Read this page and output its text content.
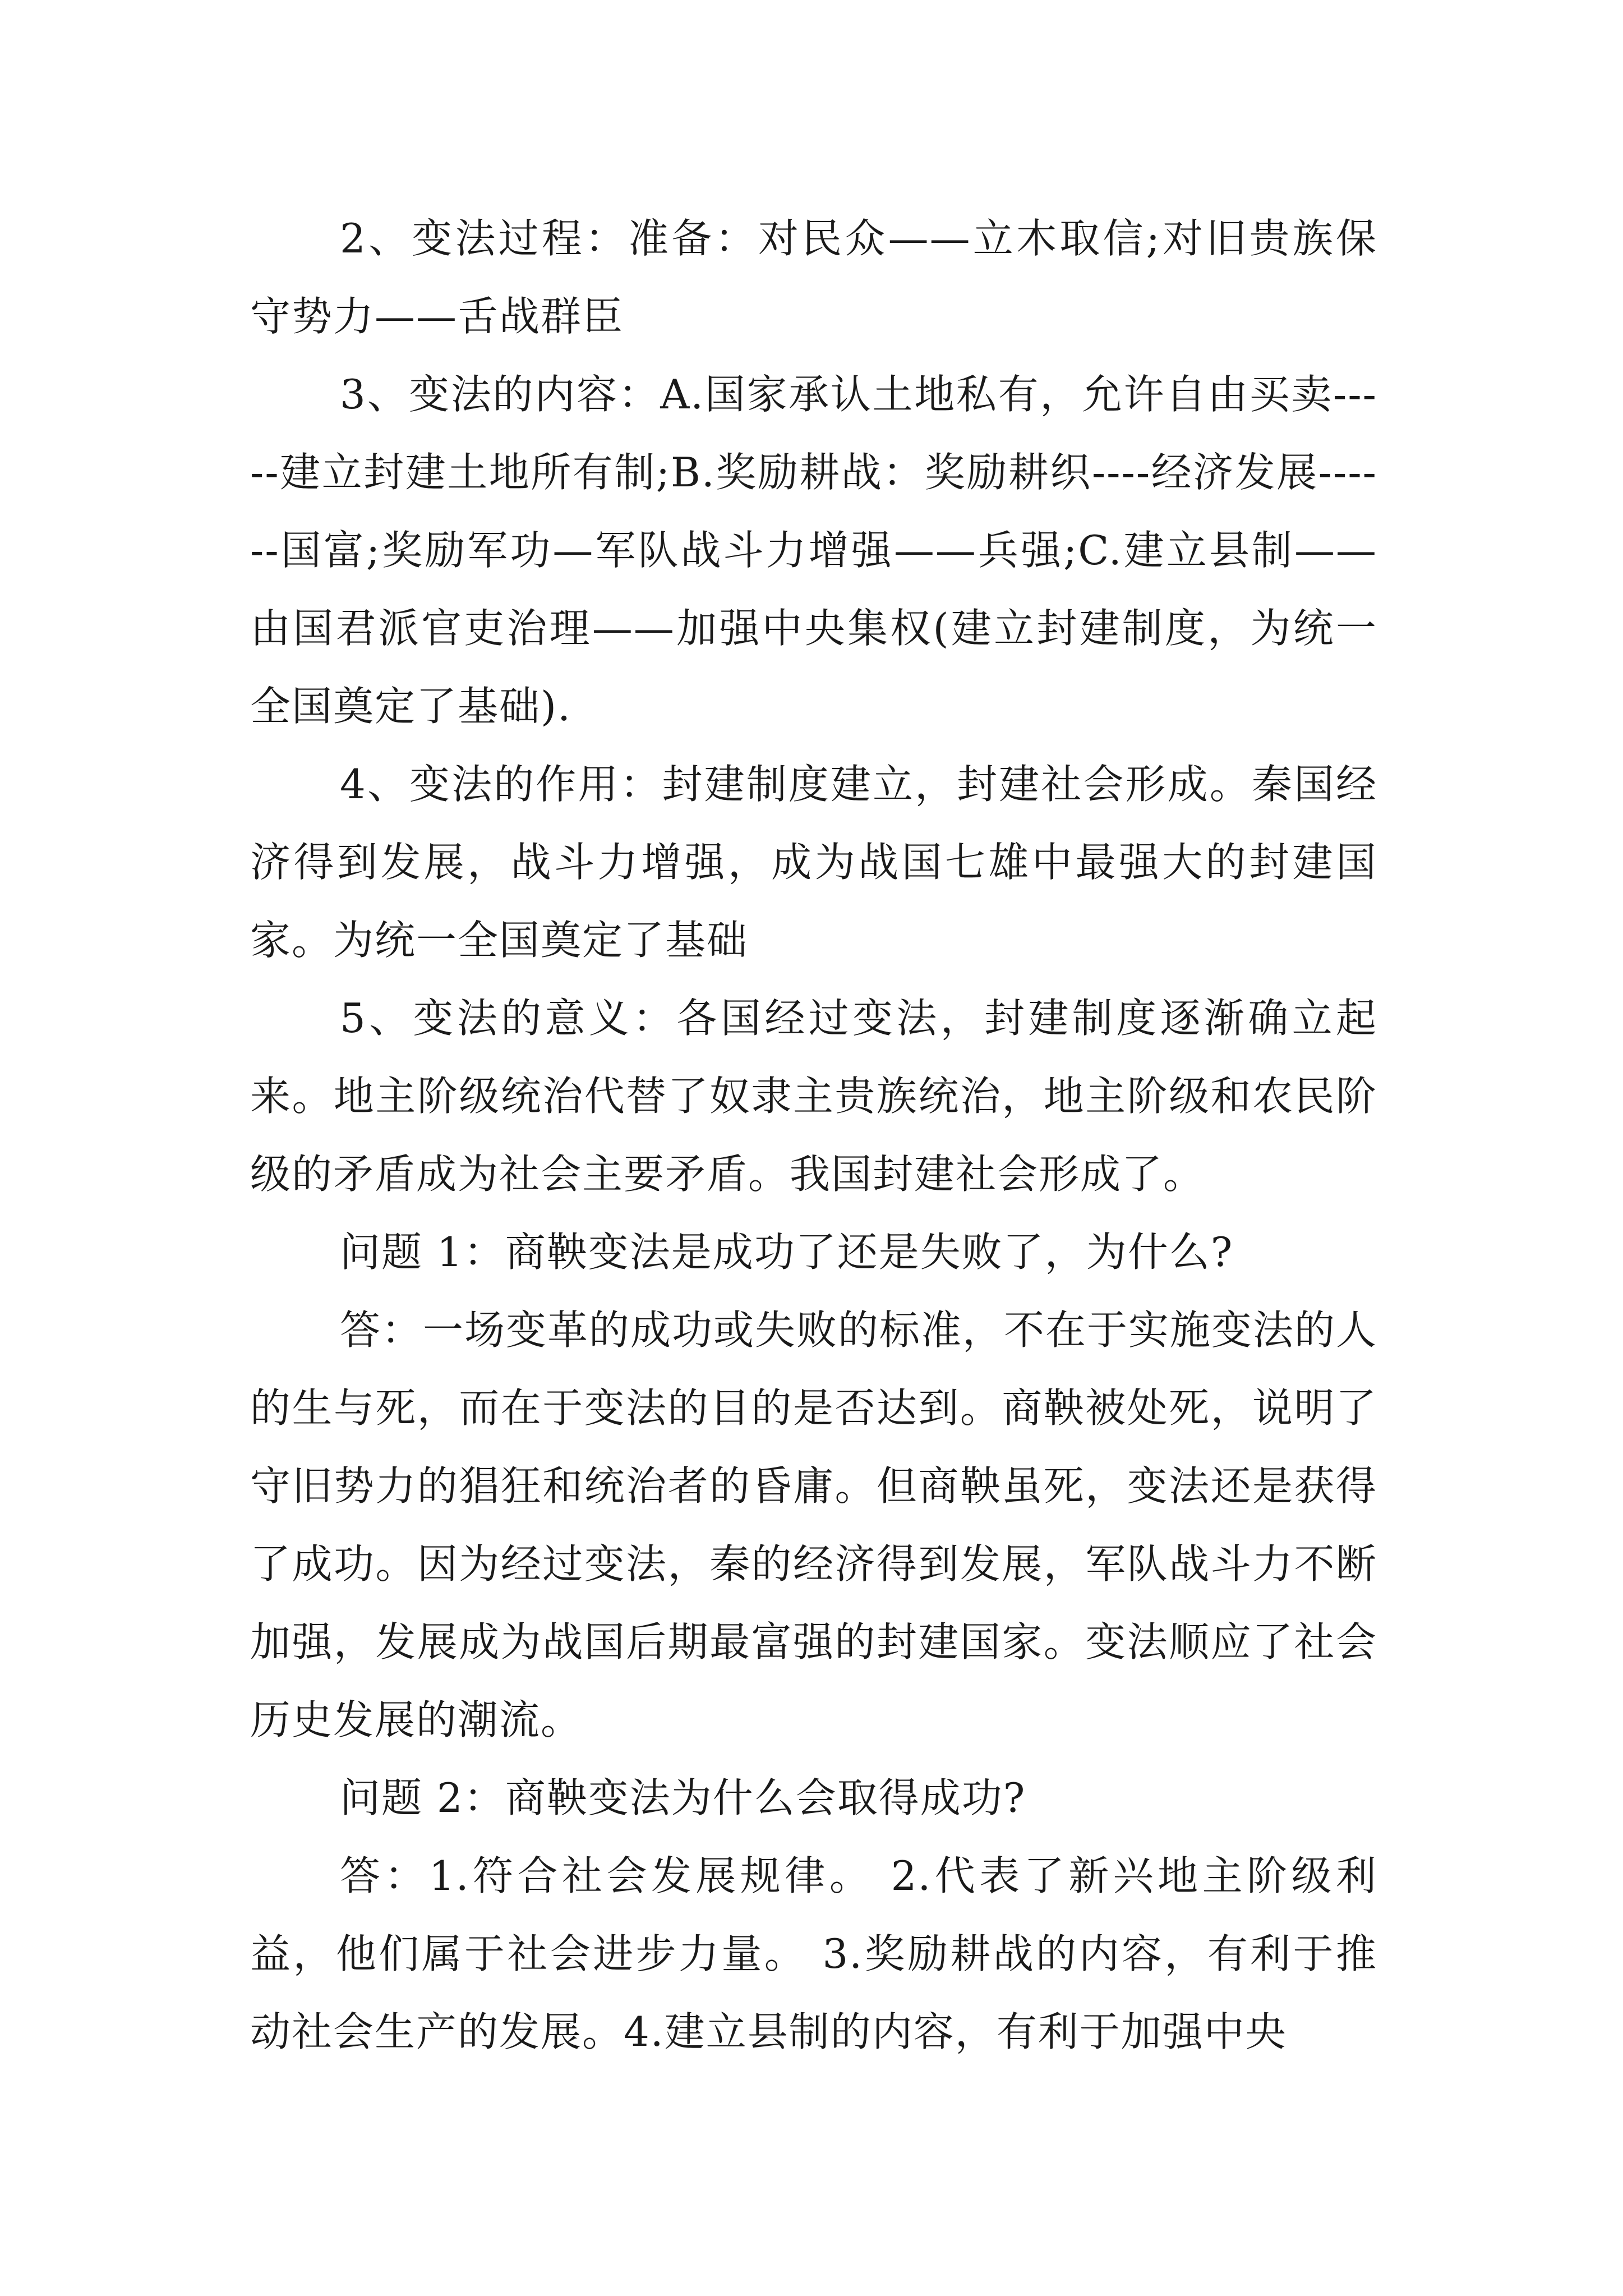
2、变法过程：准备：对民众——立木取信;对旧贵族保守势力——舌战群臣

3、变法的内容：A.国家承认土地私有，允许自由买卖-----建立封建土地所有制;B.奖励耕战：奖励耕织----经济发展------国富;奖励军功—军队战斗力增强——兵强;C.建立县制——由国君派官吏治理——加强中央集权(建立封建制度，为统一全国奠定了基础).

4、变法的作用：封建制度建立，封建社会形成。秦国经济得到发展，战斗力增强，成为战国七雄中最强大的封建国家。为统一全国奠定了基础

5、变法的意义：各国经过变法，封建制度逐渐确立起来。地主阶级统治代替了奴隶主贵族统治，地主阶级和农民阶级的矛盾成为社会主要矛盾。我国封建社会形成了。

问题 1：商鞅变法是成功了还是失败了，为什么?

答：一场变革的成功或失败的标准，不在于实施变法的人的生与死，而在于变法的目的是否达到。商鞅被处死，说明了守旧势力的猖狂和统治者的昏庸。但商鞅虽死，变法还是获得了成功。因为经过变法，秦的经济得到发展，军队战斗力不断加强，发展成为战国后期最富强的封建国家。变法顺应了社会历史发展的潮流。

问题 2：商鞅变法为什么会取得成功?

答：1.符合社会发展规律。 2.代表了新兴地主阶级利益，他们属于社会进步力量。 3.奖励耕战的内容，有利于推动社会生产的发展。4.建立县制的内容，有利于加强中央
